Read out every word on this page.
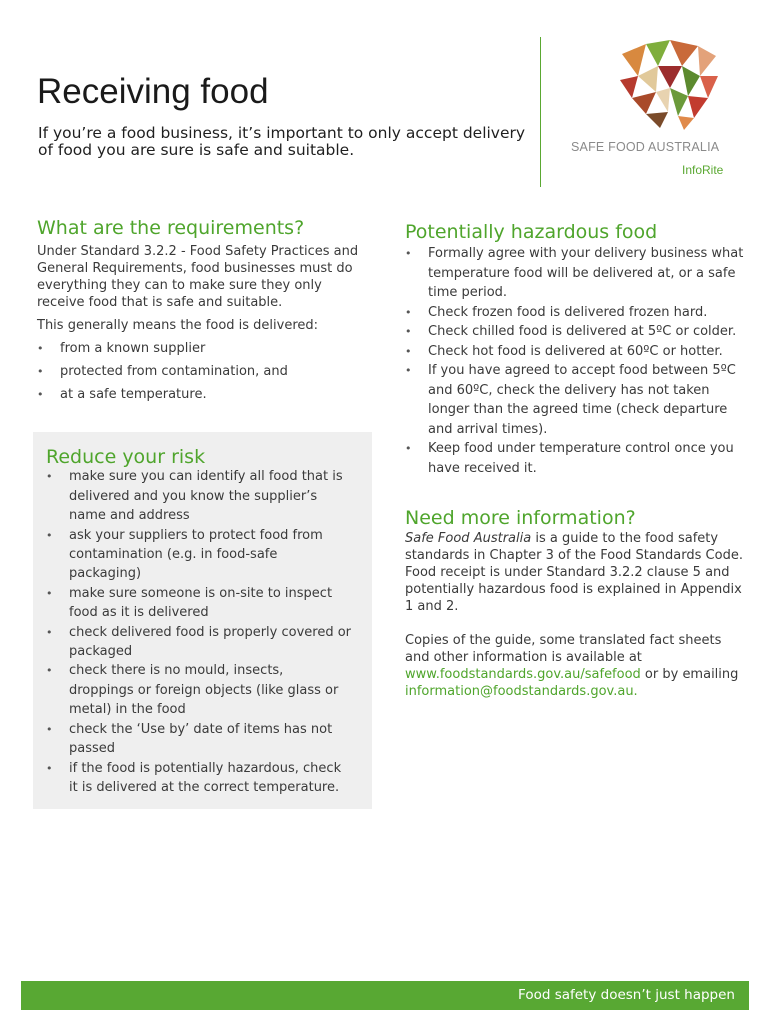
Receiving food

If you’re a food business, it’s important to only accept delivery of food you are sure is safe and suitable.	SAFE FOOD AUSTRALIA
InfoRite
What are the requirements?

Under Standard 3.2.2 - Food Safety Practices and General Requirements, food businesses must do everything they can to make sure they only receive food that is safe and suitable.

This generally means the food is delivered:

• from a known supplier
• protected from contamination, and
• at a safe temperature.
Reduce your risk
• make sure you can identify all food that is delivered and you know the supplier’s name and address
• ask your suppliers to protect food from contamination (e.g. in food-safe packaging)
• make sure someone is on-site to inspect food as it is delivered
• check delivered food is properly covered or packaged
• check there is no mould, insects, droppings or foreign objects (like glass or metal) in the food
• check the ‘Use by’ date of items has not passed
• if the food is potentially hazardous, check it is delivered at the correct temperature.
Potentially hazardous food
• Formally agree with your delivery business what temperature food will be delivered at, or a safe time period.
• Check frozen food is delivered frozen hard.
• Check chilled food is delivered at 5ºC or colder.
• Check hot food is delivered at 60ºC or hotter.
• If you have agreed to accept food between 5ºC and 60ºC, check the delivery has not taken longer than the agreed time (check departure and arrival times).
• Keep food under temperature control once you have received it.
Need more information?

Safe Food Australia is a guide to the food safety standards in Chapter 3 of the Food Standards Code. Food receipt is under Standard 3.2.2 clause 5 and potentially hazardous food is explained in Appendix 1 and 2.

Copies of the guide, some translated fact sheets and other information is available at www.foodstandards.gov.au/safefood or by emailing information@foodstandards.gov.au.

Food safety doesn’t just happen
